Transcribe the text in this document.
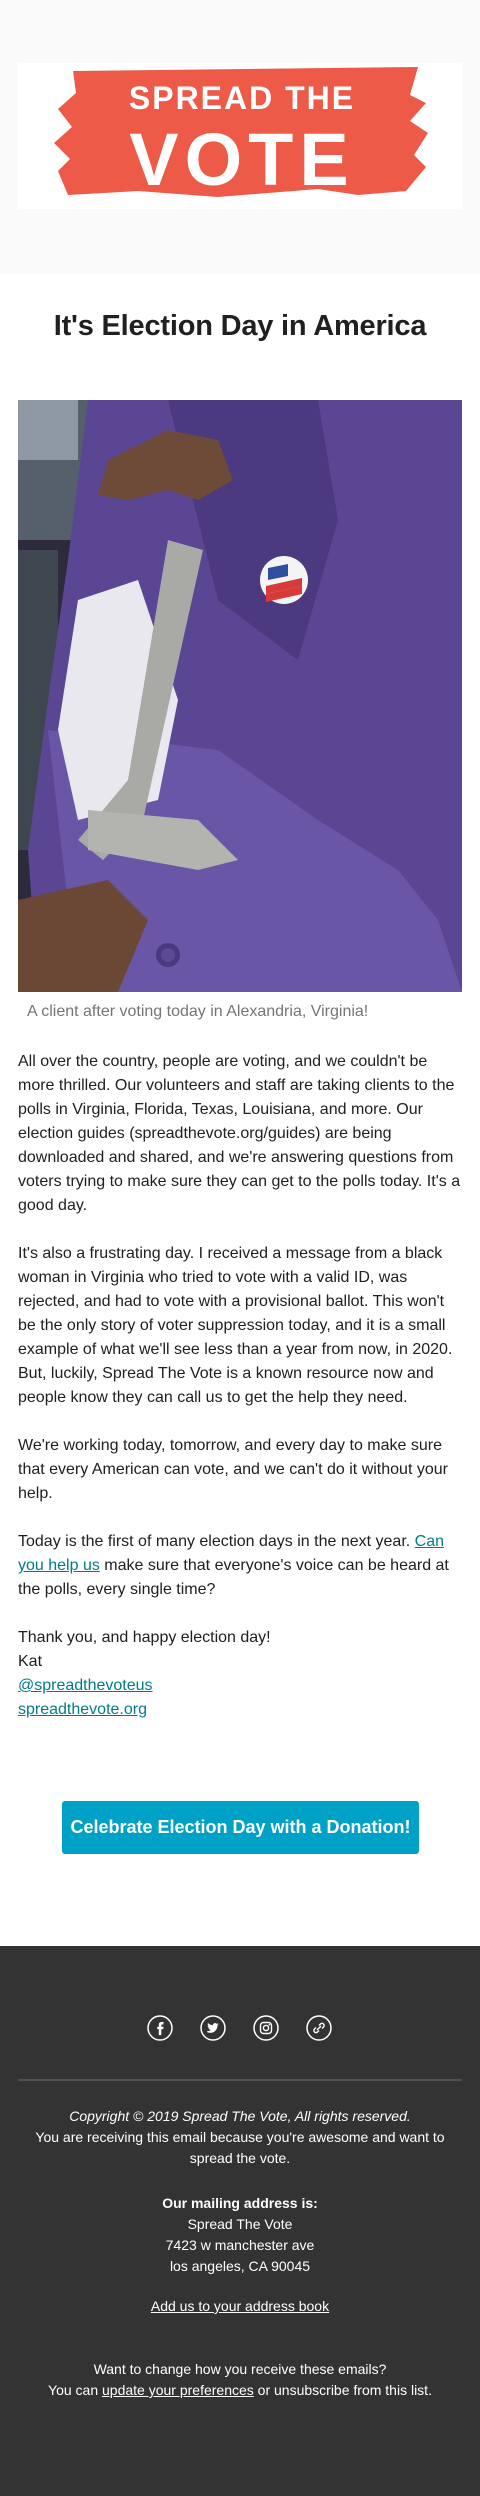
SPREAD THE
VOTE
It's Election Day in America
A client after voting today in Alexandria, Virginia!

All over the country, people are voting, and we couldn't be more thrilled. Our volunteers and staff are taking clients to the polls in Virginia, Florida, Texas, Louisiana, and more. Our election guides (spreadthevote.org/guides) are being downloaded and shared, and we're answering questions from voters trying to make sure they can get to the polls today. It's a good day.

It's also a frustrating day. I received a message from a black woman in Virginia who tried to vote with a valid ID, was rejected, and had to vote with a provisional ballot. This won't be the only story of voter suppression today, and it is a small example of what we'll see less than a year from now, in 2020. But, luckily, Spread The Vote is a known resource now and people know they can call us to get the help they need.

We're working today, tomorrow, and every day to make sure that every American can vote, and we can't do it without your help.

Today is the first of many election days in the next year. Can you help us make sure that everyone's voice can be heard at the polls, every single time?

Thank you, and happy election day!
Kat
@spreadthevoteus
spreadthevote.org

Celebrate Election Day with a Donation!
Copyright © 2019 Spread The Vote, All rights reserved.
You are receiving this email because you're awesome and want to spread the vote.
Our mailing address is:
Spread The Vote
7423 w manchester ave
los angeles, CA 90045
Add us to your address book
Want to change how you receive these emails?
You can update your preferences or unsubscribe from this list.
